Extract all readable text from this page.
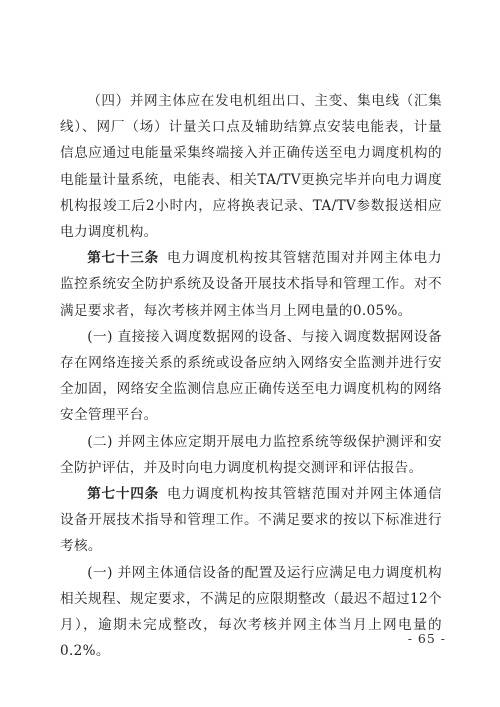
（四）并网主体应在发电机组出口、主变、集电线（汇集线）、网厂（场）计量关口点及辅助结算点安装电能表，计量信息应通过电能量采集终端接入并正确传送至电力调度机构的电能量计量系统，电能表、相关TA/TV更换完毕并向电力调度机构报竣工后2小时内，应将换表记录、TA/TV参数报送相应电力调度机构。

第七十三条 电力调度机构按其管辖范围对并网主体电力监控系统安全防护系统及设备开展技术指导和管理工作。对不满足要求者，每次考核并网主体当月上网电量的0.05%。

(一) 直接接入调度数据网的设备、与接入调度数据网设备存在网络连接关系的系统或设备应纳入网络安全监测并进行安全加固，网络安全监测信息应正确传送至电力调度机构的网络安全管理平台。

(二) 并网主体应定期开展电力监控系统等级保护测评和安全防护评估，并及时向电力调度机构提交测评和评估报告。

第七十四条 电力调度机构按其管辖范围对并网主体通信设备开展技术指导和管理工作。不满足要求的按以下标准进行考核。

(一) 并网主体通信设备的配置及运行应满足电力调度机构相关规程、规定要求，不满足的应限期整改（最迟不超过12个月），逾期未完成整改，每次考核并网主体当月上网电量的0.2%。

- 65 -
